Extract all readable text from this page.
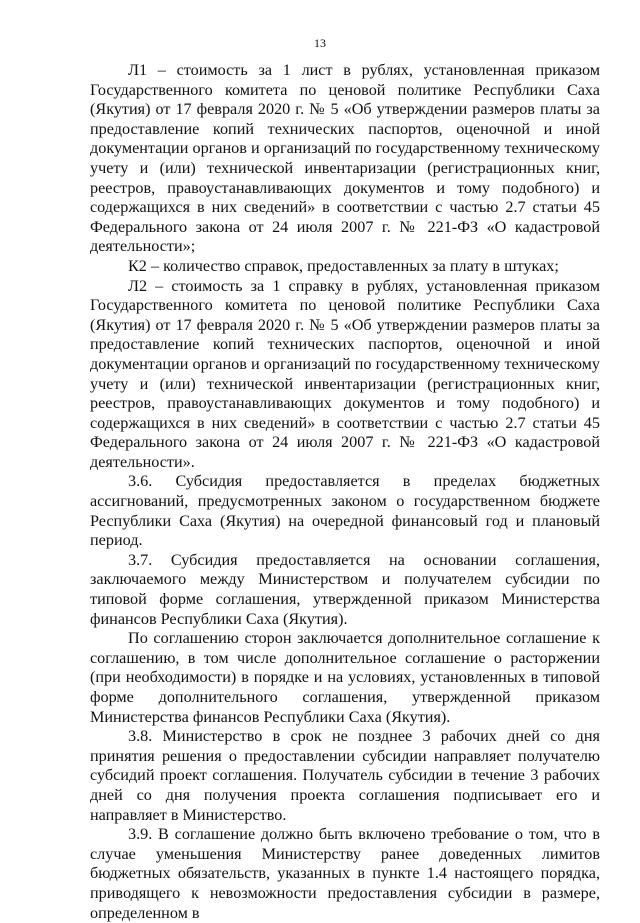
13

Л1 – стоимость за 1 лист в рублях, установленная приказом Государственного комитета по ценовой политике Республики Саха (Якутия) от 17 февраля 2020 г. № 5 «Об утверждении размеров платы за предоставление копий технических паспортов, оценочной и иной документации органов и организаций по государственному техническому учету и (или) технической инвентаризации (регистрационных книг, реестров, правоустанавливающих документов и тому подобного) и содержащихся в них сведений» в соответствии с частью 2.7 статьи 45 Федерального закона от 24 июля 2007 г. № 221-ФЗ «О кадастровой деятельности»;

К2 – количество справок, предоставленных за плату в штуках;

Л2 – стоимость за 1 справку в рублях, установленная приказом Государственного комитета по ценовой политике Республики Саха (Якутия) от 17 февраля 2020 г. № 5 «Об утверждении размеров платы за предоставление копий технических паспортов, оценочной и иной документации органов и организаций по государственному техническому учету и (или) технической инвентаризации (регистрационных книг, реестров, правоустанавливающих документов и тому подобного) и содержащихся в них сведений» в соответствии с частью 2.7 статьи 45 Федерального закона от 24 июля 2007 г. № 221-ФЗ «О кадастровой деятельности».

3.6. Субсидия предоставляется в пределах бюджетных ассигнований, предусмотренных законом о государственном бюджете Республики Саха (Якутия) на очередной финансовый год и плановый период.

3.7. Субсидия предоставляется на основании соглашения, заключаемого между Министерством и получателем субсидии по типовой форме соглашения, утвержденной приказом Министерства финансов Республики Саха (Якутия).

По соглашению сторон заключается дополнительное соглашение к соглашению, в том числе дополнительное соглашение о расторжении (при необходимости) в порядке и на условиях, установленных в типовой форме дополнительного соглашения, утвержденной приказом Министерства финансов Республики Саха (Якутия).

3.8. Министерство в срок не позднее 3 рабочих дней со дня принятия решения о предоставлении субсидии направляет получателю субсидий проект соглашения. Получатель субсидии в течение 3 рабочих дней со дня получения проекта соглашения подписывает его и направляет в Министерство.

3.9. В соглашение должно быть включено требование о том, что в случае уменьшения Министерству ранее доведенных лимитов бюджетных обязательств, указанных в пункте 1.4 настоящего порядка, приводящего к невозможности предоставления субсидии в размере, определенном в
